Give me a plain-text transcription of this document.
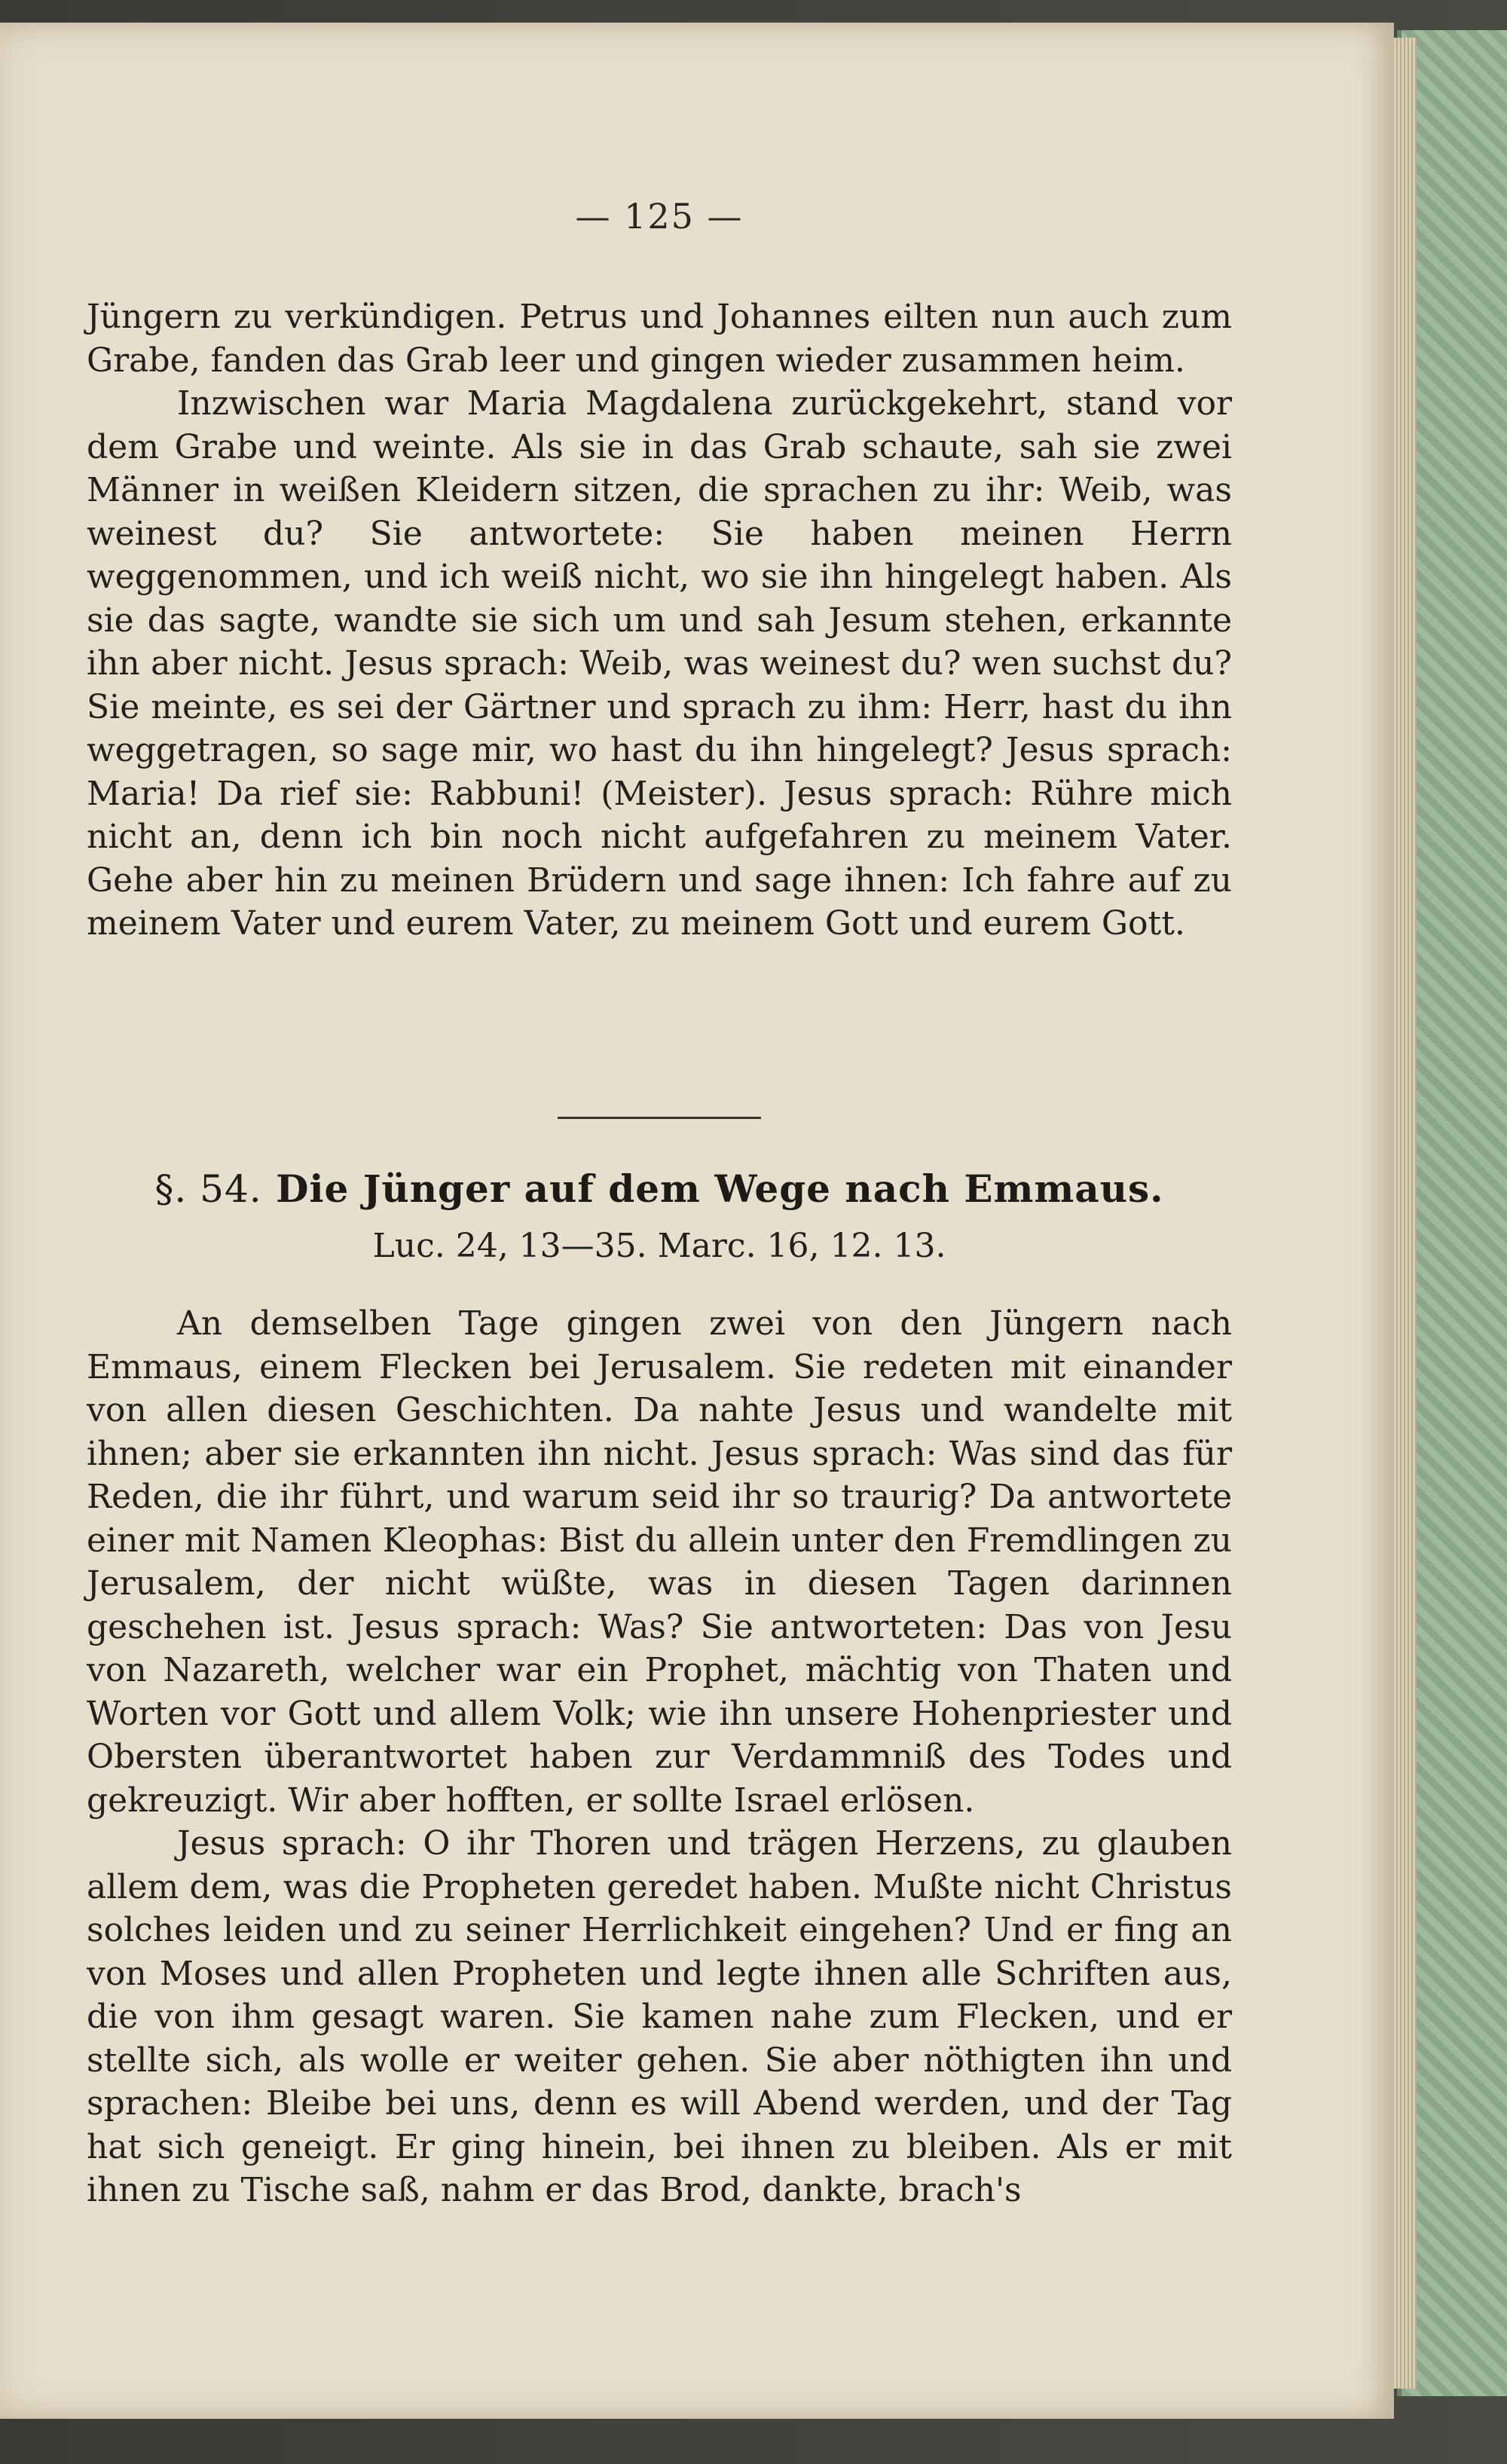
— 125 —

Jüngern zu verkündigen. Petrus und Johannes eilten nun auch zum Grabe, fanden das Grab leer und gingen wieder zusammen heim.

Inzwischen war Maria Magdalena zurückgekehrt, stand vor dem Grabe und weinte. Als sie in das Grab schaute, sah sie zwei Männer in weißen Kleidern sitzen, die sprachen zu ihr: Weib, was weinest du? Sie antwortete: Sie haben meinen Herrn weggenommen, und ich weiß nicht, wo sie ihn hingelegt haben. Als sie das sagte, wandte sie sich um und sah Jesum stehen, erkannte ihn aber nicht. Jesus sprach: Weib, was weinest du? wen suchst du? Sie meinte, es sei der Gärtner und sprach zu ihm: Herr, hast du ihn weggetragen, so sage mir, wo hast du ihn hingelegt? Jesus sprach: Maria! Da rief sie: Rabbuni! (Meister). Jesus sprach: Rühre mich nicht an, denn ich bin noch nicht aufgefahren zu meinem Vater. Gehe aber hin zu meinen Brüdern und sage ihnen: Ich fahre auf zu meinem Vater und eurem Vater, zu meinem Gott und eurem Gott.

§. 54. Die Jünger auf dem Wege nach Emmaus.
Luc. 24, 13—35. Marc. 16, 12. 13.

An demselben Tage gingen zwei von den Jüngern nach Emmaus, einem Flecken bei Jerusalem. Sie redeten mit einander von allen diesen Geschichten. Da nahte Jesus und wandelte mit ihnen; aber sie erkannten ihn nicht. Jesus sprach: Was sind das für Reden, die ihr führt, und warum seid ihr so traurig? Da antwortete einer mit Namen Kleophas: Bist du allein unter den Fremdlingen zu Jerusalem, der nicht wüßte, was in diesen Tagen darinnen geschehen ist. Jesus sprach: Was? Sie antworteten: Das von Jesu von Nazareth, welcher war ein Prophet, mächtig von Thaten und Worten vor Gott und allem Volk; wie ihn unsere Hohenpriester und Obersten überantwortet haben zur Verdammniß des Todes und gekreuzigt. Wir aber hofften, er sollte Israel erlösen.

Jesus sprach: O ihr Thoren und trägen Herzens, zu glauben allem dem, was die Propheten geredet haben. Mußte nicht Christus solches leiden und zu seiner Herrlichkeit eingehen? Und er fing an von Moses und allen Propheten und legte ihnen alle Schriften aus, die von ihm gesagt waren. Sie kamen nahe zum Flecken, und er stellte sich, als wolle er weiter gehen. Sie aber nöthigten ihn und sprachen: Bleibe bei uns, denn es will Abend werden, und der Tag hat sich geneigt. Er ging hinein, bei ihnen zu bleiben. Als er mit ihnen zu Tische saß, nahm er das Brod, dankte, brach's
